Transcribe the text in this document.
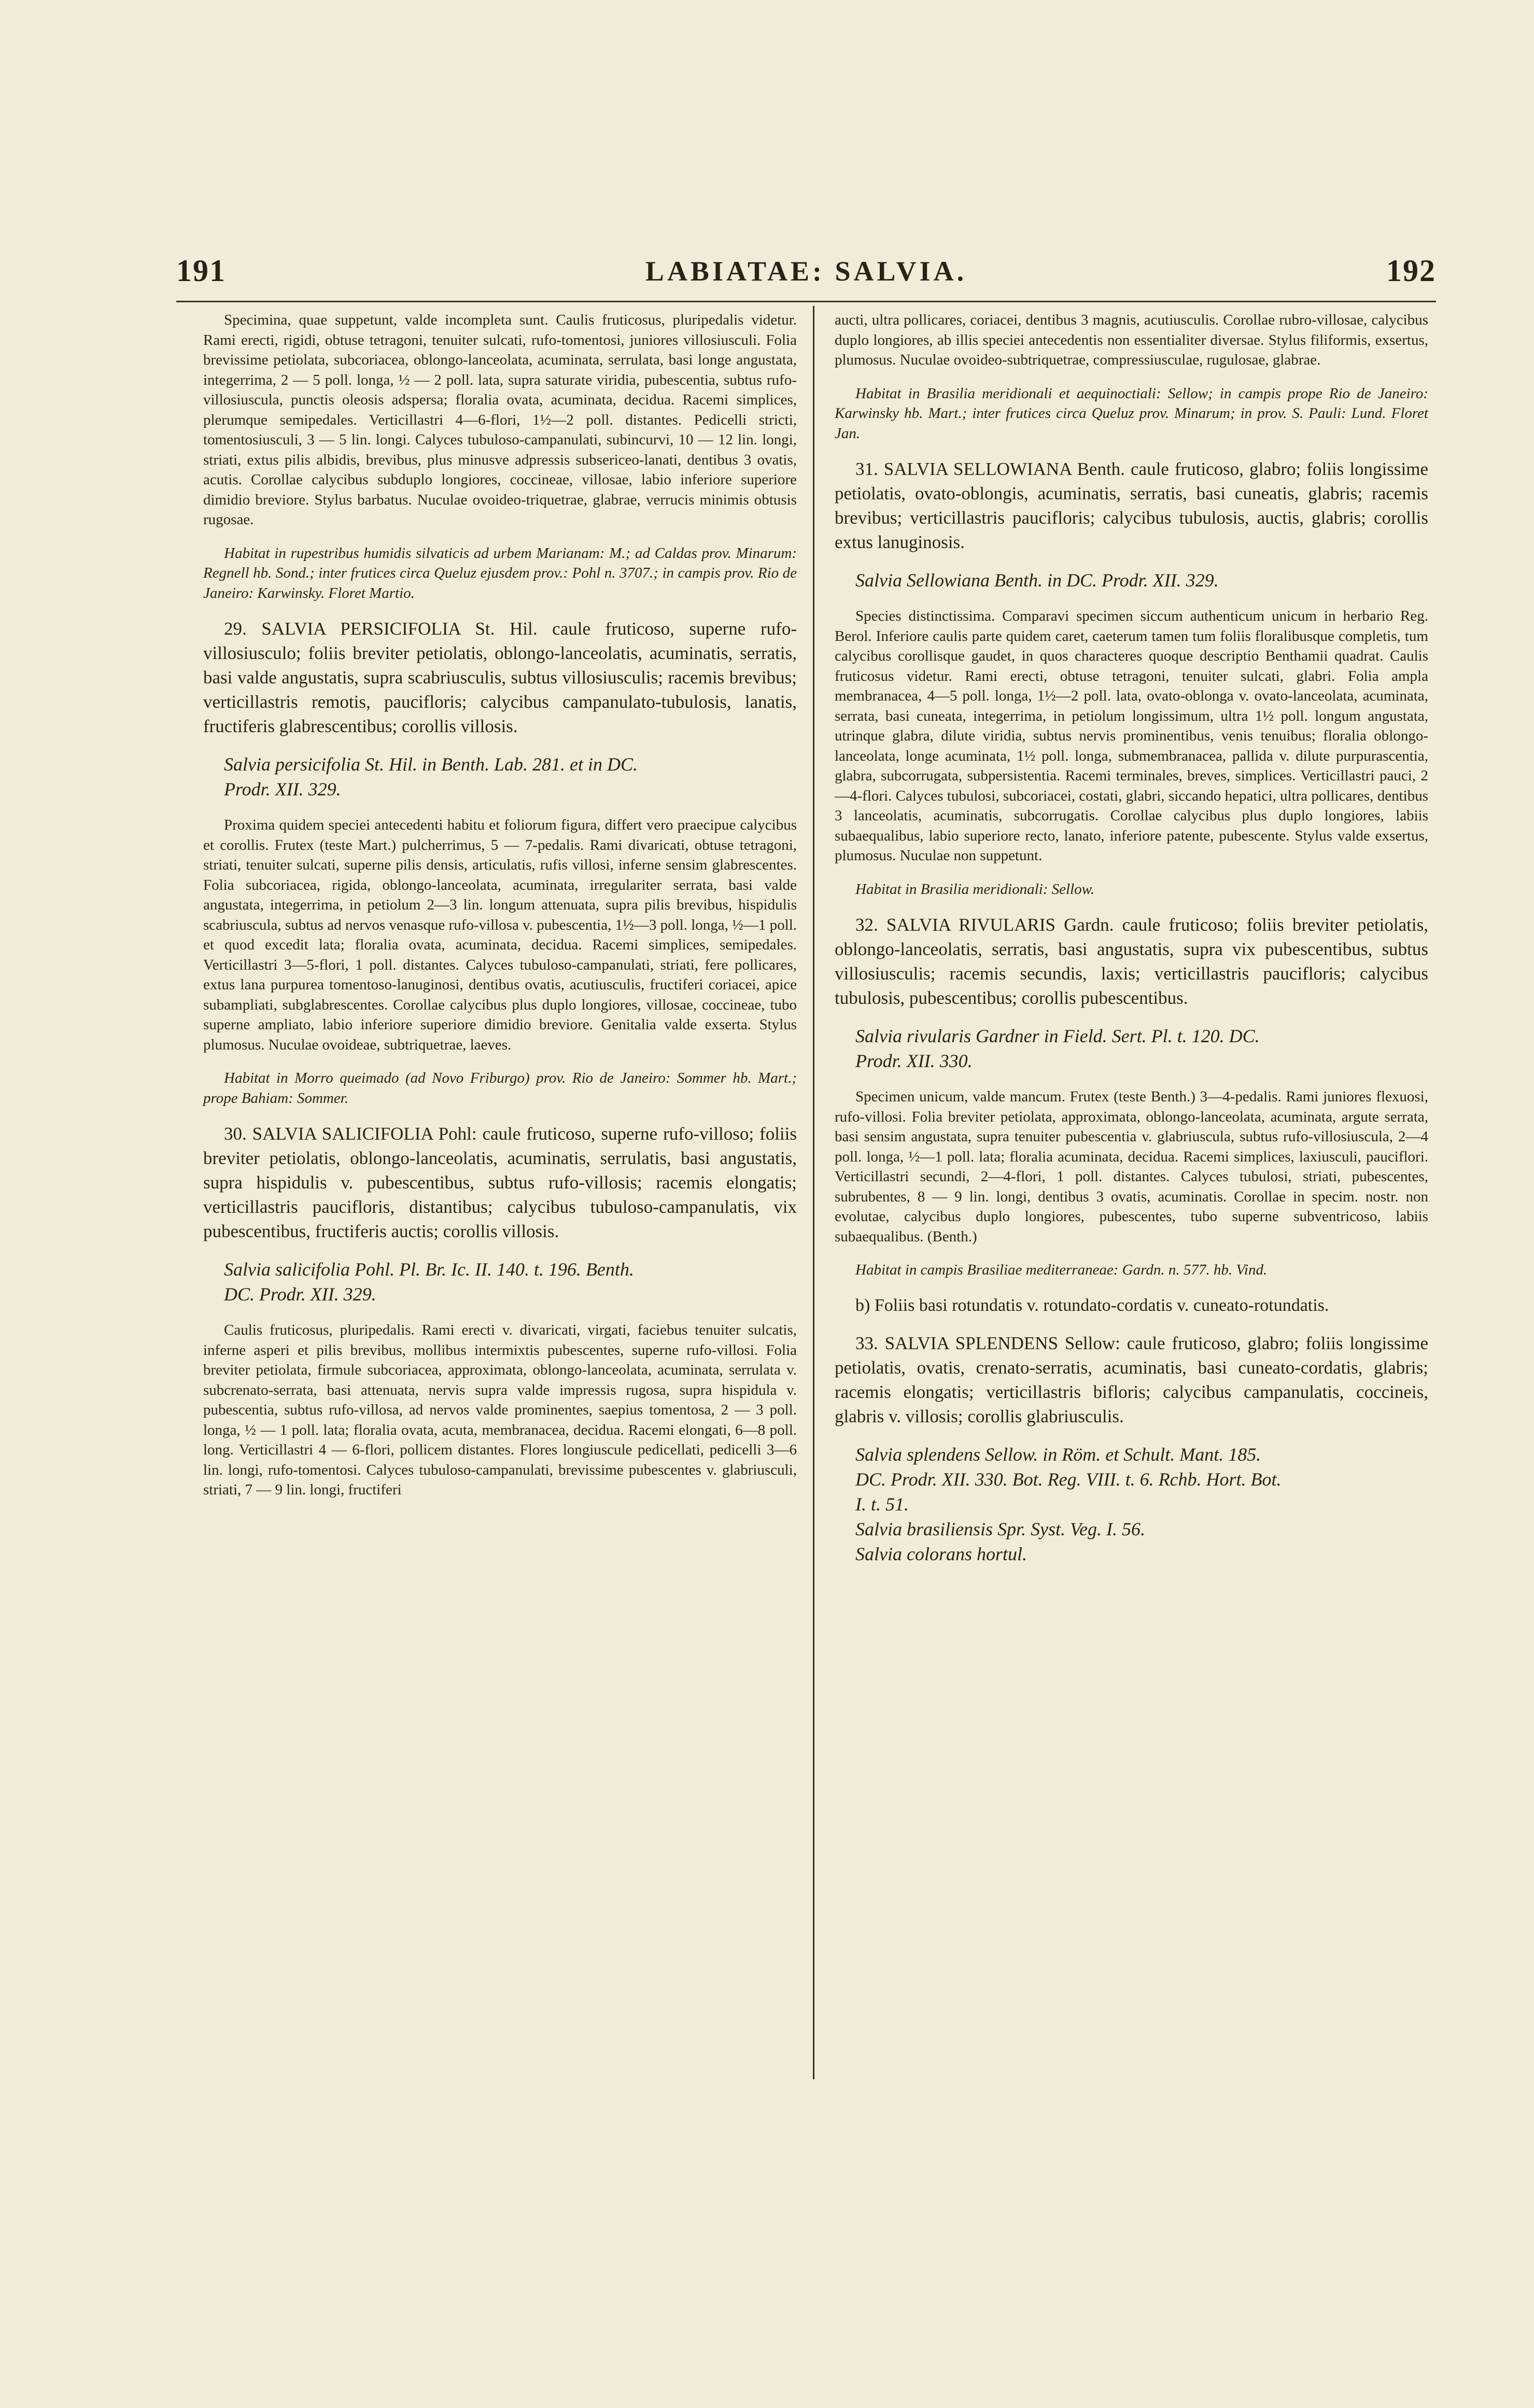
191	LABIATAE: SALVIA.	192

Specimina, quae suppetunt, valde incompleta sunt. Caulis fruticosus, pluripedalis videtur. Rami erecti, rigidi, obtuse tetragoni, tenuiter sulcati, rufo-tomentosi, juniores villosiusculi. Folia brevissime petiolata, subcoriacea, oblongo-lanceolata, acuminata, serrulata, basi longe angustata, integerrima, 2 — 5 poll. longa, ½ — 2 poll. lata, supra saturate viridia, pubescentia, subtus rufo-villosiuscula, punctis oleosis adspersa; floralia ovata, acuminata, decidua. Racemi simplices, plerumque semipedales. Verticillastri 4—6-flori, 1½—2 poll. distantes. Pedicelli stricti, tomentosiusculi, 3 — 5 lin. longi. Calyces tubuloso-campanulati, subincurvi, 10 — 12 lin. longi, striati, extus pilis albidis, brevibus, plus minusve adpressis subsericeo-lanati, dentibus 3 ovatis, acutis. Corollae calycibus subduplo longiores, coccineae, villosae, labio inferiore superiore dimidio breviore. Stylus barbatus. Nuculae ovoideo-triquetrae, glabrae, verrucis minimis obtusis rugosae.

Habitat in rupestribus humidis silvaticis ad urbem Marianam: M.; ad Caldas prov. Minarum: Regnell hb. Sond.; inter frutices circa Queluz ejusdem prov.: Pohl n. 3707.; in campis prov. Rio de Janeiro: Karwinsky. Floret Martio.

29. SALVIA PERSICIFOLIA St. Hil. caule fruticoso, superne rufo-villosiusculo; foliis breviter petiolatis, oblongo-lanceolatis, acuminatis, serratis, basi valde angustatis, supra scabriusculis, subtus villosiusculis; racemis brevibus; verticillastris remotis, paucifloris; calycibus campanulato-tubulosis, lanatis, fructiferis glabrescentibus; corollis villosis.

Salvia persicifolia St. Hil. in Benth. Lab. 281. et in DC.
Prodr. XII. 329.

Proxima quidem speciei antecedenti habitu et foliorum figura, differt vero praecipue calycibus et corollis. Frutex (teste Mart.) pulcherrimus, 5 — 7-pedalis. Rami divaricati, obtuse tetragoni, striati, tenuiter sulcati, superne pilis densis, articulatis, rufis villosi, inferne sensim glabrescentes. Folia subcoriacea, rigida, oblongo-lanceolata, acuminata, irregulariter serrata, basi valde angustata, integerrima, in petiolum 2—3 lin. longum attenuata, supra pilis brevibus, hispidulis scabriuscula, subtus ad nervos venasque rufo-villosa v. pubescentia, 1½—3 poll. longa, ½—1 poll. et quod excedit lata; floralia ovata, acuminata, decidua. Racemi simplices, semipedales. Verticillastri 3—5-flori, 1 poll. distantes. Calyces tubuloso-campanulati, striati, fere pollicares, extus lana purpurea tomentoso-lanuginosi, dentibus ovatis, acutiusculis, fructiferi coriacei, apice subampliati, subglabrescentes. Corollae calycibus plus duplo longiores, villosae, coccineae, tubo superne ampliato, labio inferiore superiore dimidio breviore. Genitalia valde exserta. Stylus plumosus. Nuculae ovoideae, subtriquetrae, laeves.

Habitat in Morro queimado (ad Novo Friburgo) prov. Rio de Janeiro: Sommer hb. Mart.; prope Bahiam: Sommer.

30. SALVIA SALICIFOLIA Pohl: caule fruticoso, superne rufo-villoso; foliis breviter petiolatis, oblongo-lanceolatis, acuminatis, serrulatis, basi angustatis, supra hispidulis v. pubescentibus, subtus rufo-villosis; racemis elongatis; verticillastris paucifloris, distantibus; calycibus tubuloso-campanulatis, vix pubescentibus, fructiferis auctis; corollis villosis.

Salvia salicifolia Pohl. Pl. Br. Ic. II. 140. t. 196. Benth.
DC. Prodr. XII. 329.

Caulis fruticosus, pluripedalis. Rami erecti v. divaricati, virgati, faciebus tenuiter sulcatis, inferne asperi et pilis brevibus, mollibus intermixtis pubescentes, superne rufo-villosi. Folia breviter petiolata, firmule subcoriacea, approximata, oblongo-lanceolata, acuminata, serrulata v. subcrenato-serrata, basi attenuata, nervis supra valde impressis rugosa, supra hispidula v. pubescentia, subtus rufo-villosa, ad nervos valde prominentes, saepius tomentosa, 2 — 3 poll. longa, ½ — 1 poll. lata; floralia ovata, acuta, membranacea, decidua. Racemi elongati, 6—8 poll. long. Verticillastri 4 — 6-flori, pollicem distantes. Flores longiuscule pedicellati, pedicelli 3—6 lin. longi, rufo-tomentosi. Calyces tubuloso-campanulati, brevissime pubescentes v. glabriusculi, striati, 7 — 9 lin. longi, fructiferi

aucti, ultra pollicares, coriacei, dentibus 3 magnis, acutiusculis. Corollae rubro-villosae, calycibus duplo longiores, ab illis speciei antecedentis non essentialiter diversae. Stylus filiformis, exsertus, plumosus. Nuculae ovoideo-subtriquetrae, compressiusculae, rugulosae, glabrae.

Habitat in Brasilia meridionali et aequinoctiali: Sellow; in campis prope Rio de Janeiro: Karwinsky hb. Mart.; inter frutices circa Queluz prov. Minarum; in prov. S. Pauli: Lund. Floret Jan.

31. SALVIA SELLOWIANA Benth. caule fruticoso, glabro; foliis longissime petiolatis, ovato-oblongis, acuminatis, serratis, basi cuneatis, glabris; racemis brevibus; verticillastris paucifloris; calycibus tubulosis, auctis, glabris; corollis extus lanuginosis.

Salvia Sellowiana Benth. in DC. Prodr. XII. 329.

Species distinctissima. Comparavi specimen siccum authenticum unicum in herbario Reg. Berol. Inferiore caulis parte quidem caret, caeterum tamen tum foliis floralibusque completis, tum calycibus corollisque gaudet, in quos characteres quoque descriptio Benthamii quadrat. Caulis fruticosus videtur. Rami erecti, obtuse tetragoni, tenuiter sulcati, glabri. Folia ampla membranacea, 4—5 poll. longa, 1½—2 poll. lata, ovato-oblonga v. ovato-lanceolata, acuminata, serrata, basi cuneata, integerrima, in petiolum longissimum, ultra 1½ poll. longum angustata, utrinque glabra, dilute viridia, subtus nervis prominentibus, venis tenuibus; floralia oblongo-lanceolata, longe acuminata, 1½ poll. longa, submembranacea, pallida v. dilute purpurascentia, glabra, subcorrugata, subpersistentia. Racemi terminales, breves, simplices. Verticillastri pauci, 2—4-flori. Calyces tubulosi, subcoriacei, costati, glabri, siccando hepatici, ultra pollicares, dentibus 3 lanceolatis, acuminatis, subcorrugatis. Corollae calycibus plus duplo longiores, labiis subaequalibus, labio superiore recto, lanato, inferiore patente, pubescente. Stylus valde exsertus, plumosus. Nuculae non suppetunt.

Habitat in Brasilia meridionali: Sellow.

32. SALVIA RIVULARIS Gardn. caule fruticoso; foliis breviter petiolatis, oblongo-lanceolatis, serratis, basi angustatis, supra vix pubescentibus, subtus villosiusculis; racemis secundis, laxis; verticillastris paucifloris; calycibus tubulosis, pubescentibus; corollis pubescentibus.

Salvia rivularis Gardner in Field. Sert. Pl. t. 120. DC.
Prodr. XII. 330.

Specimen unicum, valde mancum. Frutex (teste Benth.) 3—4-pedalis. Rami juniores flexuosi, rufo-villosi. Folia breviter petiolata, approximata, oblongo-lanceolata, acuminata, argute serrata, basi sensim angustata, supra tenuiter pubescentia v. glabriuscula, subtus rufo-villosiuscula, 2—4 poll. longa, ½—1 poll. lata; floralia acuminata, decidua. Racemi simplices, laxiusculi, pauciflori. Verticillastri secundi, 2—4-flori, 1 poll. distantes. Calyces tubulosi, striati, pubescentes, subrubentes, 8 — 9 lin. longi, dentibus 3 ovatis, acuminatis. Corollae in specim. nostr. non evolutae, calycibus duplo longiores, pubescentes, tubo superne subventricoso, labiis subaequalibus. (Benth.)

Habitat in campis Brasiliae mediterraneae: Gardn. n. 577. hb. Vind.

b) Foliis basi rotundatis v. rotundato-cordatis v. cuneato-rotundatis.

33. SALVIA SPLENDENS Sellow: caule fruticoso, glabro; foliis longissime petiolatis, ovatis, crenato-serratis, acuminatis, basi cuneato-cordatis, glabris; racemis elongatis; verticillastris bifloris; calycibus campanulatis, coccineis, glabris v. villosis; corollis glabriusculis.

Salvia splendens Sellow. in Röm. et Schult. Mant. 185.
DC. Prodr. XII. 330. Bot. Reg. VIII. t. 6. Rchb. Hort. Bot.
I. t. 51.
Salvia brasiliensis Spr. Syst. Veg. I. 56.
Salvia colorans hortul.
